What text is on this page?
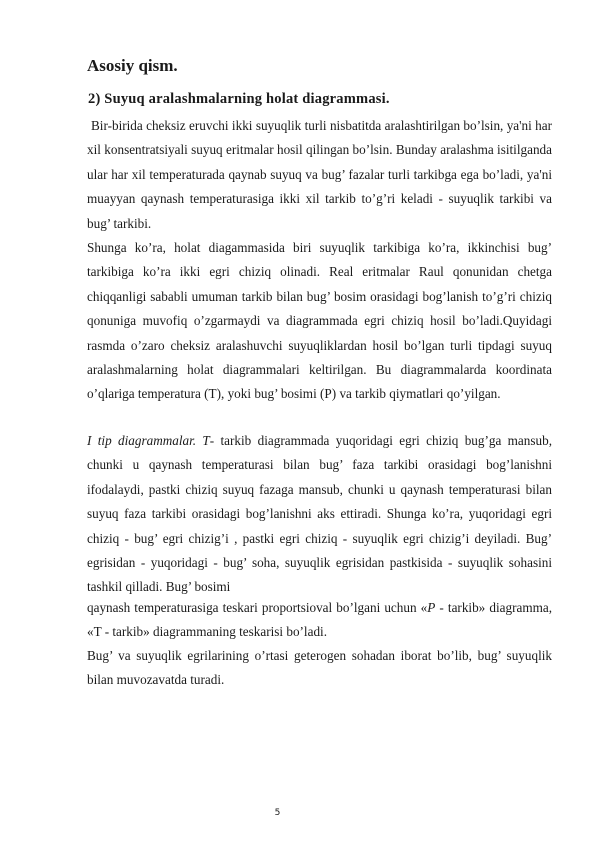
Asosiy qism.
2) Suyuq aralashmalarning holat diagrammasi.

Bir-birida cheksiz eruvchi ikki suyuqlik turli nisbatitda aralashtirilgan bo’lsin, ya'ni har xil konsentratsiyali suyuq eritmalar hosil qilingan bo’lsin. Bunday aralashma isitilganda ular har xil temperaturada qaynab suyuq va bug’ fazalar turli tarkibga ega bo’ladi, ya'ni muayyan qaynash temperaturasiga ikki xil tarkib to’g’ri keladi - suyuqlik tarkibi va bug’ tarkibi.

Shunga ko’ra, holat diagammasida biri suyuqlik tarkibiga ko’ra, ikkinchisi bug’ tarkibiga ko’ra ikki egri chiziq olinadi. Real eritmalar Raul qonunidan chetga chiqqanligi sababli umuman tarkib bilan bug’ bosim orasidagi bog’lanish to’g’ri chiziq qonuniga muvofiq o’zgarmaydi va diagrammada egri chiziq hosil bo’ladi.Quyidagi rasmda o’zaro cheksiz aralashuvchi suyuqliklardan hosil bo’lgan turli tipdagi suyuq aralashmalarning holat diagrammalari keltirilgan. Bu diagrammalarda koordinata o’qlariga temperatura (T), yoki bug’ bosimi (P) va tarkib qiymatlari qo’yilgan.

I tip diagrammalar. T- tarkib diagrammada yuqoridagi egri chiziq bug’ga mansub, chunki u qaynash temperaturasi bilan bug’ faza tarkibi orasidagi bog’lanishni ifodalaydi, pastki chiziq suyuq fazaga mansub, chunki u qaynash temperaturasi bilan suyuq faza tarkibi orasidagi bog’lanishni aks ettiradi. Shunga ko’ra, yuqoridagi egri chiziq - bug’ egri chizig’i , pastki egri chiziq - suyuqlik egri chizig’i deyiladi. Bug’ egrisidan - yuqoridagi - bug’ soha, suyuqlik egrisidan pastkisida - suyuqlik sohasini tashkil qilladi. Bug’ bosimi

qaynash temperaturasiga teskari proportsioval bo’lgani uchun «P - tarkib» diagramma, «T - tarkib» diagrammaning teskarisi bo’ladi.

Bug’ va suyuqlik egrilarining o’rtasi geterogen sohadan iborat bo’lib, bug’ suyuqlik bilan muvozavatda turadi.

5
